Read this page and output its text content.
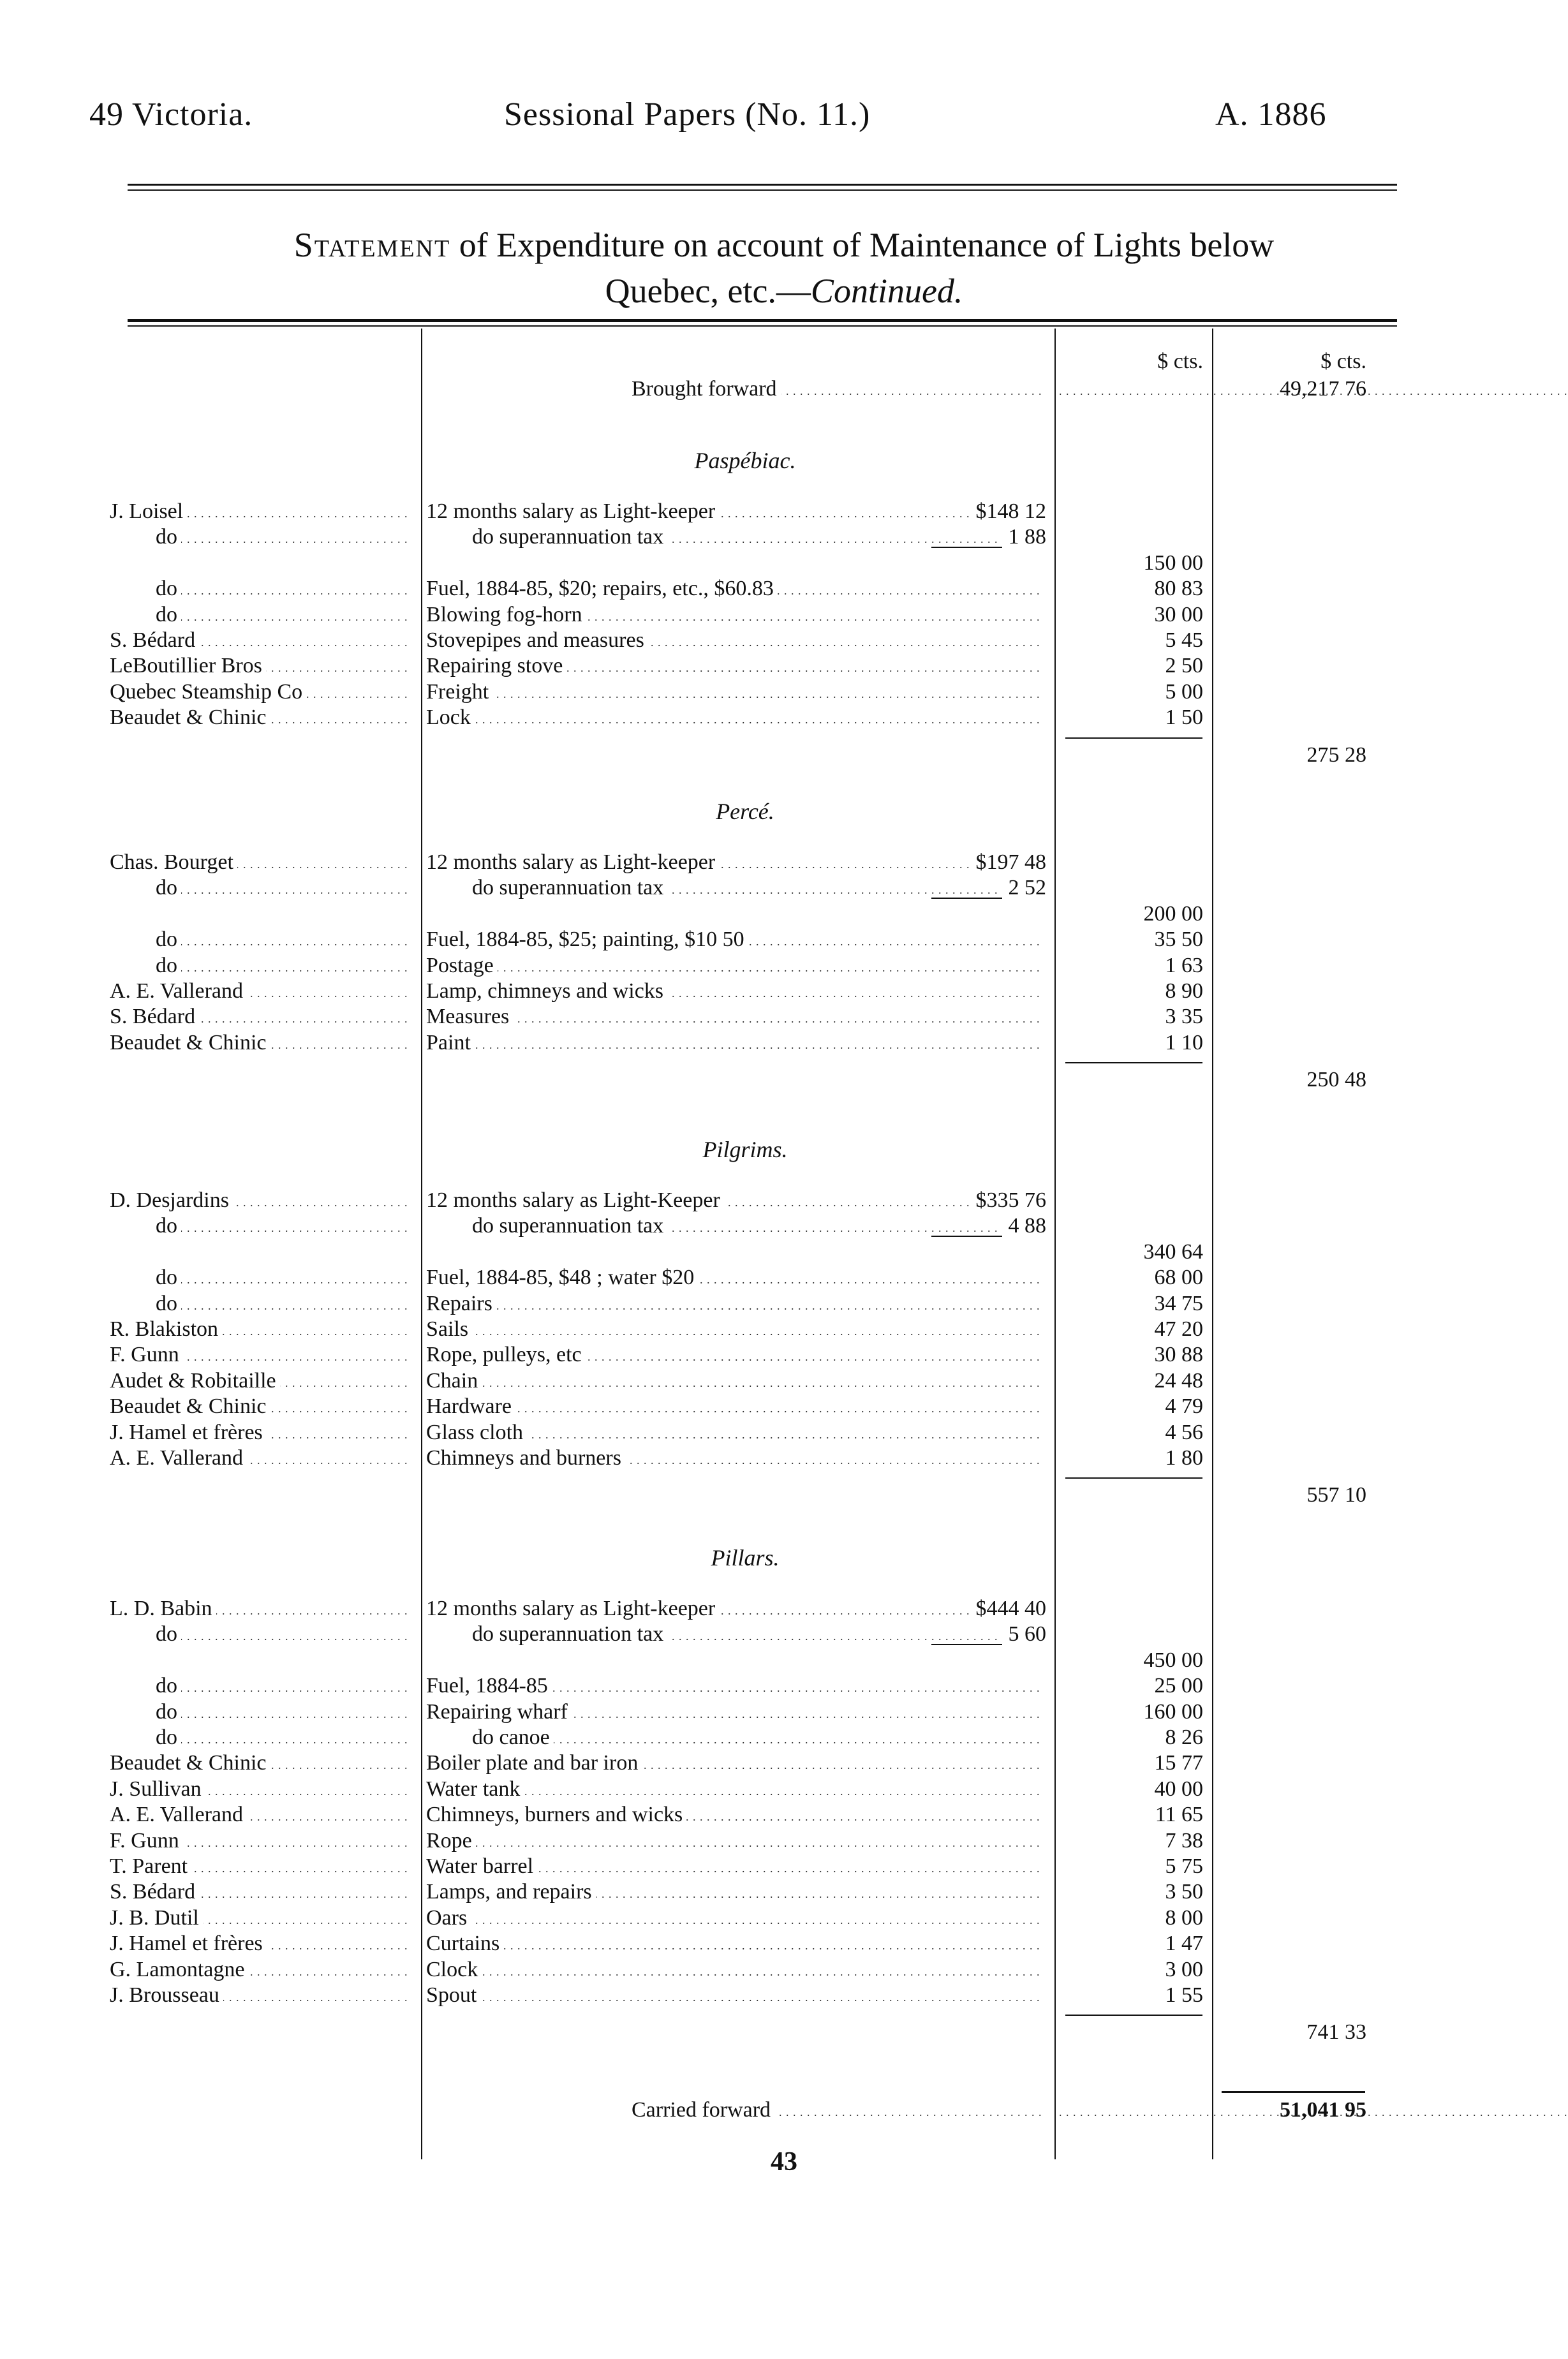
49 Victoria.	Sessional Papers (No. 11.)	A. 1886
Statement of Expenditure on account of Maintenance of Lights below
Quebec, etc.—Continued.
$ cts.	$ cts.
Brought forward . . . . . .	49,217 76
Paspébiac.
J. Loisel . . .	12 months salary as Light-keeper . . .	$148 12
do . . .	do superannuation tax . . .	1 88
150 00
do . . .	Fuel, 1884-85, $20; repairs, etc., $60.83 . . .	80 83
do . . .	Blowing fog-horn . . .	30 00
S. Bédard . . .	Stovepipes and measures . . .	5 45
LeBoutillier Bros . . .	Repairing stove . . .	2 50
Quebec Steamship Co . . .	Freight . . .	5 00
Beaudet & Chinic . . .	Lock . . .	1 50
275 28
Percé.
Chas. Bourget . . .	12 months salary as Light-keeper . . .	$197 48
do . . .	do superannuation tax . . .	2 52
200 00
do . . .	Fuel, 1884-85, $25; painting, $10 50 . . .	35 50
do . . .	Postage . . .	1 63
A. E. Vallerand . . .	Lamp, chimneys and wicks . . .	8 90
S. Bédard . . .	Measures . . .	3 35
Beaudet & Chinic . . .	Paint . . .	1 10
250 48
Pilgrims.
D. Desjardins . . .	12 months salary as Light-Keeper . . .	$335 76
do . . .	do superannuation tax . . .	4 88
340 64
do . . .	Fuel, 1884-85, $48 ; water $20 . . .	68 00
do . . .	Repairs . . .	34 75
R. Blakiston . . .	Sails . . .	47 20
F. Gunn . . .	Rope, pulleys, etc . . .	30 88
Audet & Robitaille . . .	Chain . . .	24 48
Beaudet & Chinic . . .	Hardware . . .	4 79
J. Hamel et frères . . .	Glass cloth . . .	4 56
A. E. Vallerand . . .	Chimneys and burners . . .	1 80
557 10
Pillars.
L. D. Babin . . .	12 months salary as Light-keeper . . .	$444 40
do . . .	do superannuation tax . . .	5 60
450 00
do . . .	Fuel, 1884-85 . . .	25 00
do . . .	Repairing wharf . . .	160 00
do . . .	do canoe . . .	8 26
Beaudet & Chinic . . .	Boiler plate and bar iron . . .	15 77
J. Sullivan . . .	Water tank . . .	40 00
A. E. Vallerand . . .	Chimneys, burners and wicks . . .	11 65
F. Gunn . . .	Rope . . .	7 38
T. Parent . . .	Water barrel . . .	5 75
S. Bédard . . .	Lamps, and repairs . . .	3 50
J. B. Dutil . . .	Oars . . .	8 00
J. Hamel et frères . . .	Curtains . . .	1 47
G. Lamontagne . . .	Clock . . .	3 00
J. Brousseau . . .	Spout . . .	1 55
741 33
Carried forward . . . . . .	51,041 95
43
